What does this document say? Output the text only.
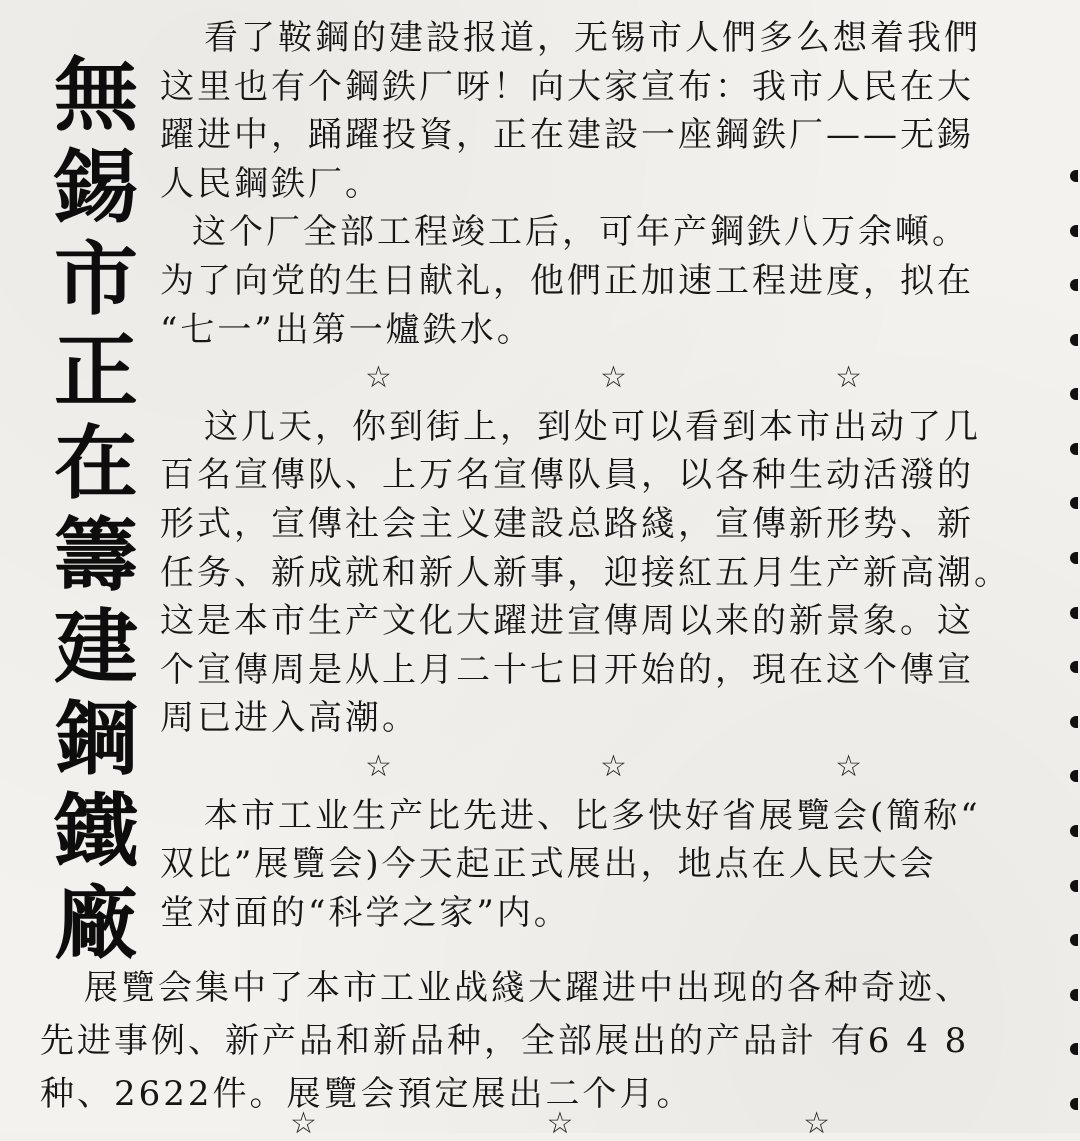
無
錫
市
正
在
籌
建
鋼
鐵
廠

看了鞍鋼的建設报道，无锡市人們多么想着我們

这里也有个鋼鉄厂呀！向大家宣布：我市人民在大

躍进中，踊躍投資，正在建設一座鋼鉄厂——无錫

人民鋼鉄厂。

这个厂全部工程竣工后，可年产鋼鉄八万余噸。

为了向党的生日献礼，他們正加速工程进度，拟在

“七一”出第一爐鉄水。

☆	☆	☆

这几天，你到街上，到处可以看到本市出动了几

百名宣傳队、上万名宣傳队員，以各种生动活潑的

形式，宣傳社会主义建設总路綫，宣傳新形势、新

任务、新成就和新人新事，迎接紅五月生产新高潮。

这是本市生产文化大躍进宣傳周以来的新景象。这

个宣傳周是从上月二十七日开始的，現在这个傳宣

周已进入高潮。

☆	☆	☆

本市工业生产比先进、比多快好省展覽会(簡称“

双比”展覽会)今天起正式展出，地点在人民大会

堂对面的“科学之家”内。

展覽会集中了本市工业战綫大躍进中出现的各种奇迹、

先进事例、新产品和新品种，全部展出的产品計 有6 4 8

种、2622件。展覽会預定展出二个月。

☆	☆	☆
